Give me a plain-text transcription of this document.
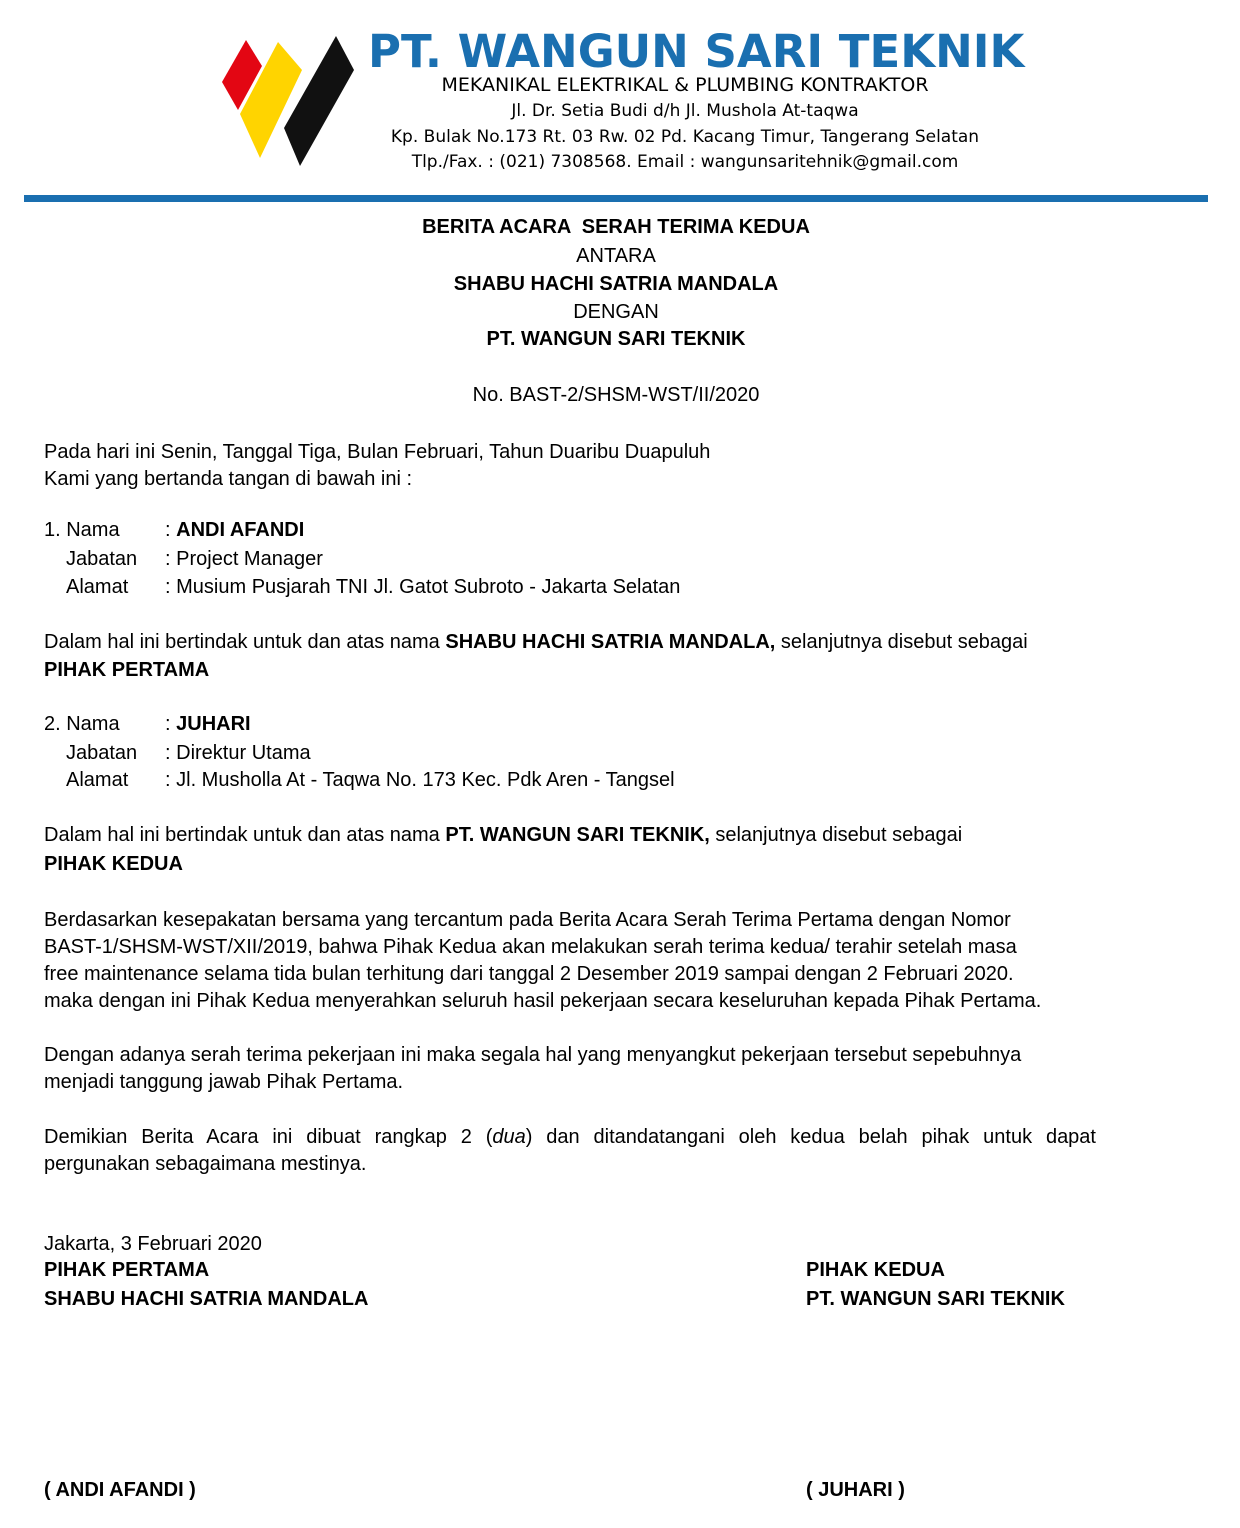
PT. WANGUN SARI TEKNIK
MEKANIKAL ELEKTRIKAL & PLUMBING KONTRAKTOR
Jl. Dr. Setia Budi d/h Jl. Mushola At-taqwa
Kp. Bulak No.173 Rt. 03 Rw. 02 Pd. Kacang Timur, Tangerang Selatan
Tlp./Fax. : (021) 7308568. Email : wangunsaritehnik@gmail.com
BERITA ACARA  SERAH TERIMA KEDUA
ANTARA
SHABU HACHI SATRIA MANDALA
DENGAN
PT. WANGUN SARI TEKNIK
No. BAST-2/SHSM-WST/II/2020
Pada hari ini Senin, Tanggal Tiga, Bulan Februari, Tahun Duaribu Duapuluh
Kami yang bertanda tangan di bawah ini :
1. Nama : ANDI AFANDI
Jabatan : Project Manager
Alamat : Musium Pusjarah TNI Jl. Gatot Subroto - Jakarta Selatan
Dalam hal ini bertindak untuk dan atas nama SHABU HACHI SATRIA MANDALA, selanjutnya disebut sebagai
PIHAK PERTAMA
2. Nama : JUHARI
Jabatan : Direktur Utama
Alamat : Jl. Musholla At - Taqwa No. 173 Kec. Pdk Aren - Tangsel
Dalam hal ini bertindak untuk dan atas nama PT. WANGUN SARI TEKNIK, selanjutnya disebut sebagai
PIHAK KEDUA
Berdasarkan kesepakatan bersama yang tercantum pada Berita Acara Serah Terima Pertama dengan Nomor
BAST-1/SHSM-WST/XII/2019, bahwa Pihak Kedua akan melakukan serah terima kedua/ terahir setelah masa
free maintenance selama tida bulan terhitung dari tanggal 2 Desember 2019 sampai dengan 2 Februari 2020.
maka dengan ini Pihak Kedua menyerahkan seluruh hasil pekerjaan secara keseluruhan kepada Pihak Pertama.
Dengan adanya serah terima pekerjaan ini maka segala hal yang menyangkut pekerjaan tersebut sepebuhnya
menjadi tanggung jawab Pihak Pertama.
Demikian Berita Acara ini dibuat rangkap 2 (dua) dan ditandatangani oleh kedua belah pihak untuk dapat
pergunakan sebagaimana mestinya.
Jakarta, 3 Februari 2020
PIHAK PERTAMA
SHABU HACHI SATRIA MANDALA
PIHAK KEDUA
PT. WANGUN SARI TEKNIK
( ANDI AFANDI )	( JUHARI )
